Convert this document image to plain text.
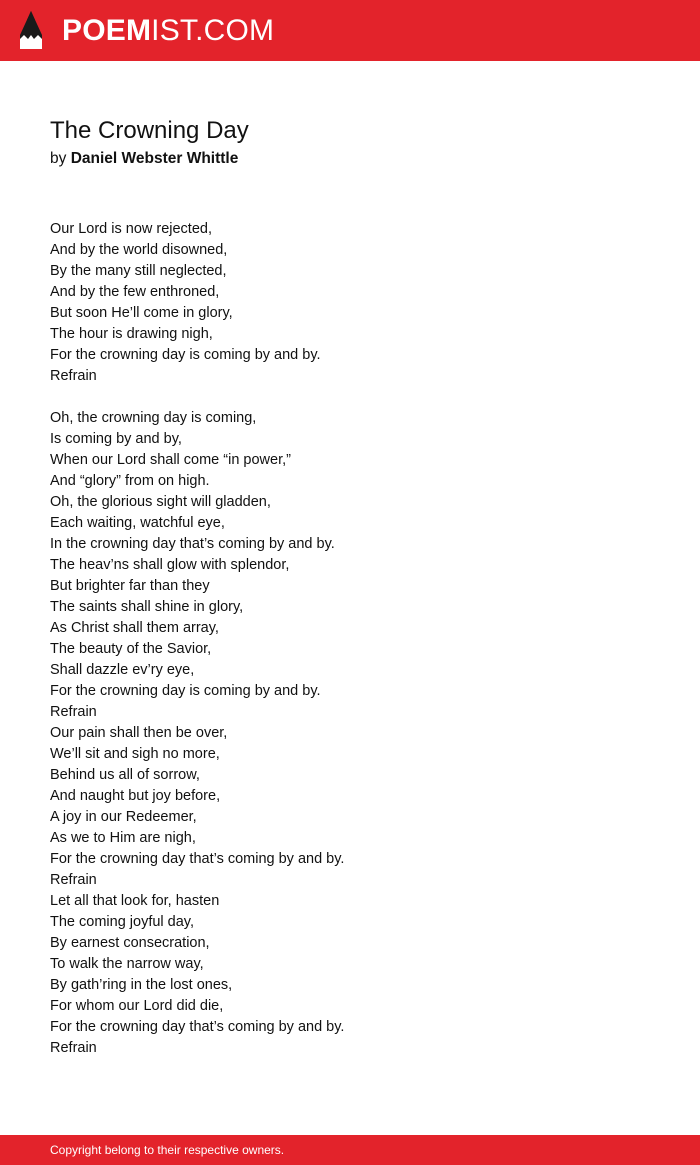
POEMIST.COM
The Crowning Day
by Daniel Webster Whittle
Our Lord is now rejected,
And by the world disowned,
By the many still neglected,
And by the few enthroned,
But soon He’ll come in glory,
The hour is drawing nigh,
For the crowning day is coming by and by.
Refrain
Oh, the crowning day is coming,
Is coming by and by,
When our Lord shall come “in power,”
And “glory” from on high.
Oh, the glorious sight will gladden,
Each waiting, watchful eye,
In the crowning day that’s coming by and by.
The heav’ns shall glow with splendor,
But brighter far than they
The saints shall shine in glory,
As Christ shall them array,
The beauty of the Savior,
Shall dazzle ev’ry eye,
For the crowning day is coming by and by.
Refrain
Our pain shall then be over,
We’ll sit and sigh no more,
Behind us all of sorrow,
And naught but joy before,
A joy in our Redeemer,
As we to Him are nigh,
For the crowning day that’s coming by and by.
Refrain
Let all that look for, hasten
The coming joyful day,
By earnest consecration,
To walk the narrow way,
By gath’ring in the lost ones,
For whom our Lord did die,
For the crowning day that’s coming by and by.
Refrain
Copyright belong to their respective owners.
